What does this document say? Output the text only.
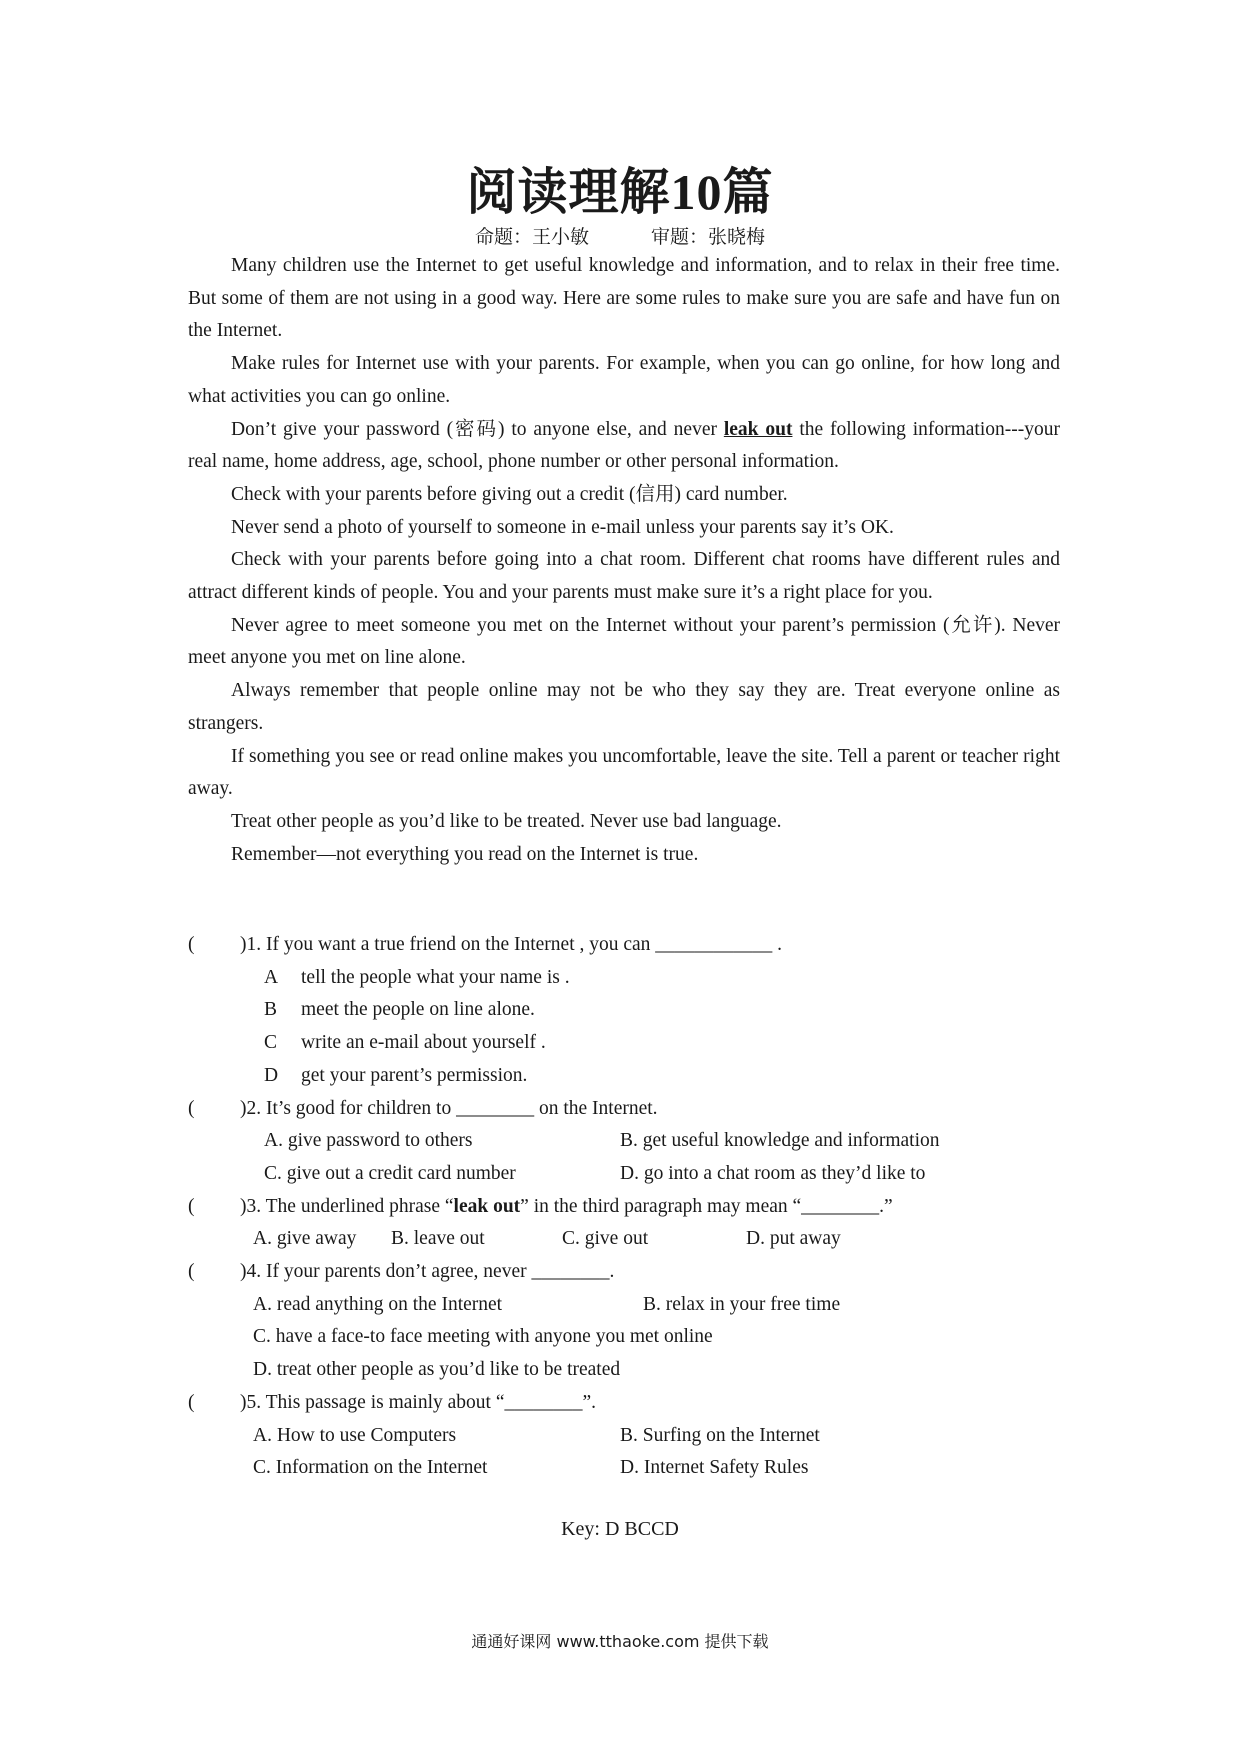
阅读理解10篇
命题：王小敏	审题：张晓梅

Many children use the Internet to get useful knowledge and information, and to relax in their free time. But some of them are not using in a good way. Here are some rules to make sure you are safe and have fun on the Internet.

Make rules for Internet use with your parents. For example, when you can go online, for how long and what activities you can go online.

Don’t give your password (密码) to anyone else, and never leak out the following information---your real name, home address, age, school, phone number or other personal information.

Check with your parents before giving out a credit (信用) card number.

Never send a photo of yourself to someone in e-mail unless your parents say it’s OK.

Check with your parents before going into a chat room. Different chat rooms have different rules and attract different kinds of people. You and your parents must make sure it’s a right place for you.

Never agree to meet someone you met on the Internet without your parent’s permission (允许). Never meet anyone you met on line alone.

Always remember that people online may not be who they say they are. Treat everyone online as strangers.

If something you see or read online makes you uncomfortable, leave the site. Tell a parent or teacher right away.

Treat other people as you’d like to be treated. Never use bad language.

Remember—not everything you read on the Internet is true.

(	)1. If you want a true friend on the Internet , you can ____________ .
A	tell the people what your name is .
B	meet the people on line alone.
C	write an e-mail about yourself .
D	get your parent’s permission.
(	)2. It’s good for children to ________ on the Internet.
A. give password to others	B. get useful knowledge and information
C. give out a credit card number	D. go into a chat room as they’d like to
(	)3. The underlined phrase “leak out” in the third paragraph may mean “________.”
A. give away	B. leave out	C. give out	D. put away
(	)4. If your parents don’t agree, never ________.
A. read anything on the Internet	B. relax in your free time
C. have a face-to face meeting with anyone you met online
D. treat other people as you’d like to be treated
(	)5. This passage is mainly about “________”.
A. How to use Computers	B. Surfing on the Internet
C. Information on the Internet	D. Internet Safety Rules
Key: D BCCD
通通好课网 www.tthaoke.com 提供下载
